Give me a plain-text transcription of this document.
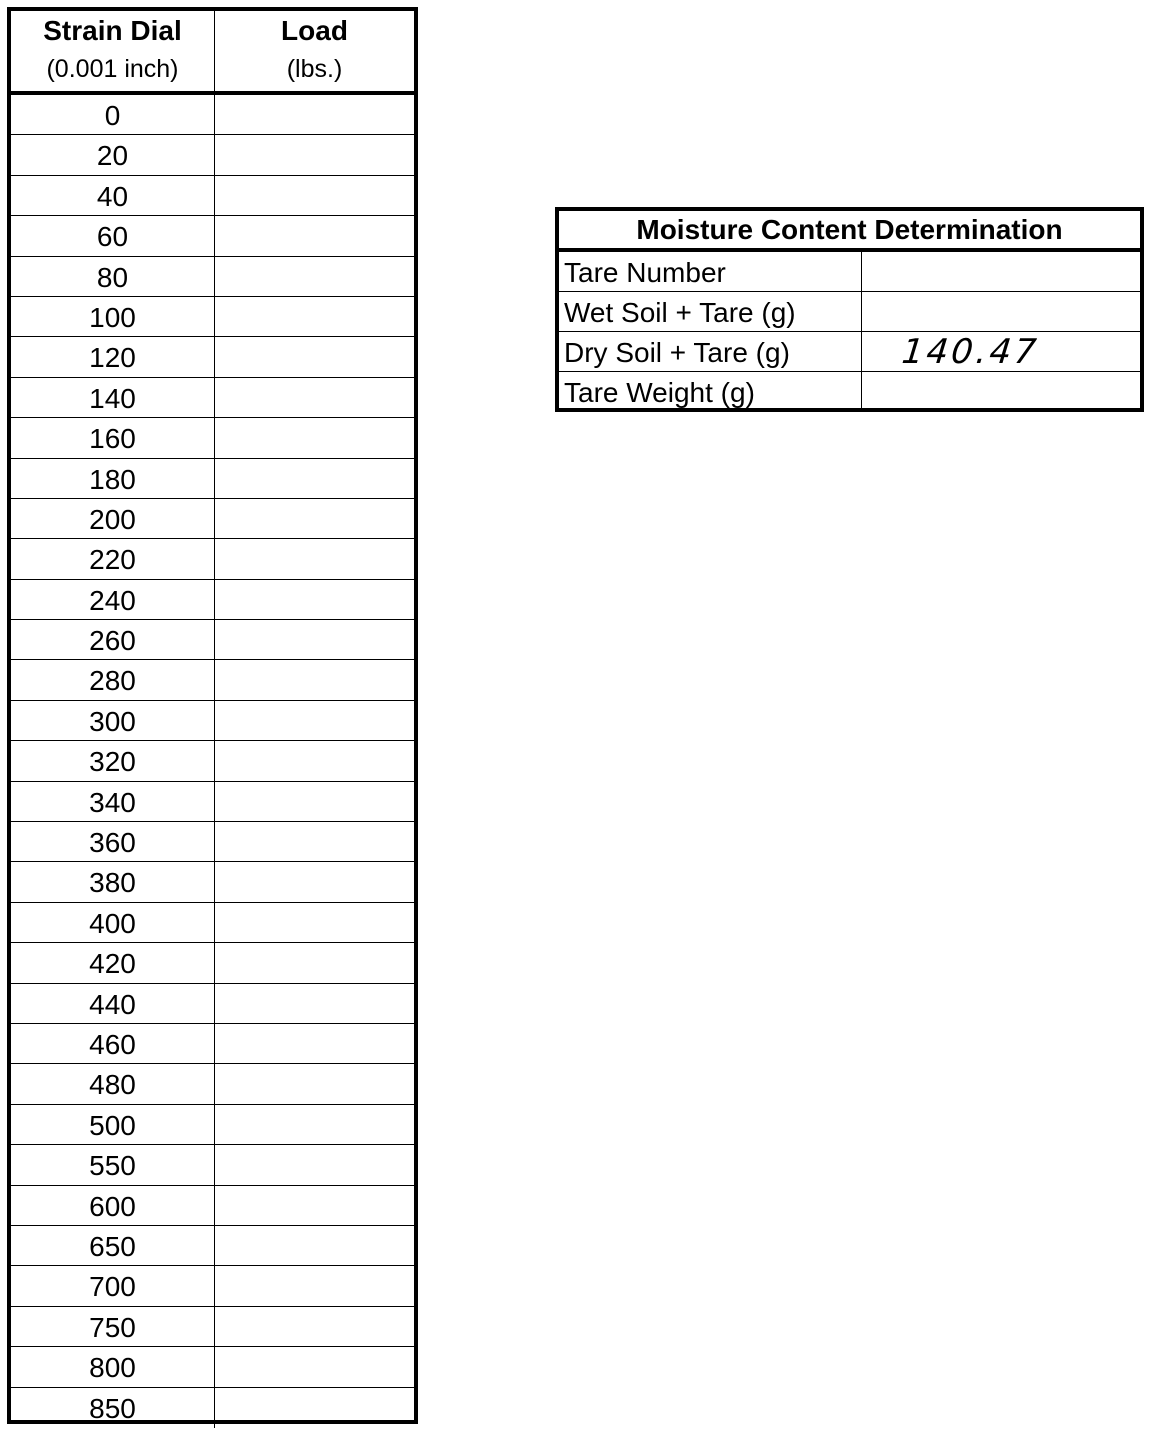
Strain Dial
(0.001 inch)
Load
(lbs.)
0
20
40
60
80
100
120
140
160
180
200
220
240
260
280
300
320
340
360
380
400
420
440
460
480
500
550
600
650
700
750
800
850
Moisture Content Determination
Tare Number
Wet Soil + Tare (g)
Dry Soil + Tare (g)	140.47
Tare Weight (g)
